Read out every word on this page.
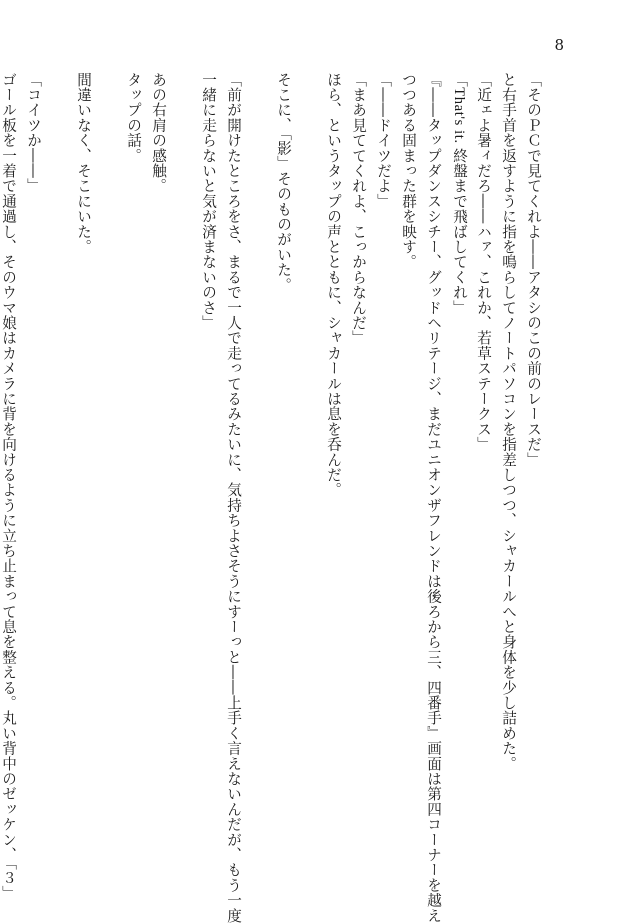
8
「そのＰＣで見てくれよ――アタシのこの前のレースだ」
と右手首を返すように指を鳴らしてノートパソコンを指差しつつ、シャカールへと身体を少し詰めた。
「近ェよ暑ィだろ――ハァ、これか、若草ステークス」
「That's it. 終盤まで飛ばしてくれ」
『――タップダンスシチー、グッドヘリテージ、まだユニオンザフレンドは後ろから三、四番手』画面は第四コーナーを越え
つつある固まった群を映す。
「――ドイツだよ」
「まあ見ててくれよ、こっからなんだ」
ほら、というタップの声とともに、シャカールは息を呑んだ。
そこに、「影」そのものがいた。
「前が開けたところをさ、まるで一人で走ってるみたいに、気持ちよさそうにすーっと――上手く言えないんだが、もう一度
一緒に走らないと気が済まないのさ」
あの右肩の感触。
タップの話。
間違いなく、そこにいた。
「コイツか――」
ゴール板を一着で通過し、そのウマ娘はカメラに背を向けるように立ち止まって息を整える。丸い背中のゼッケン、「３」
